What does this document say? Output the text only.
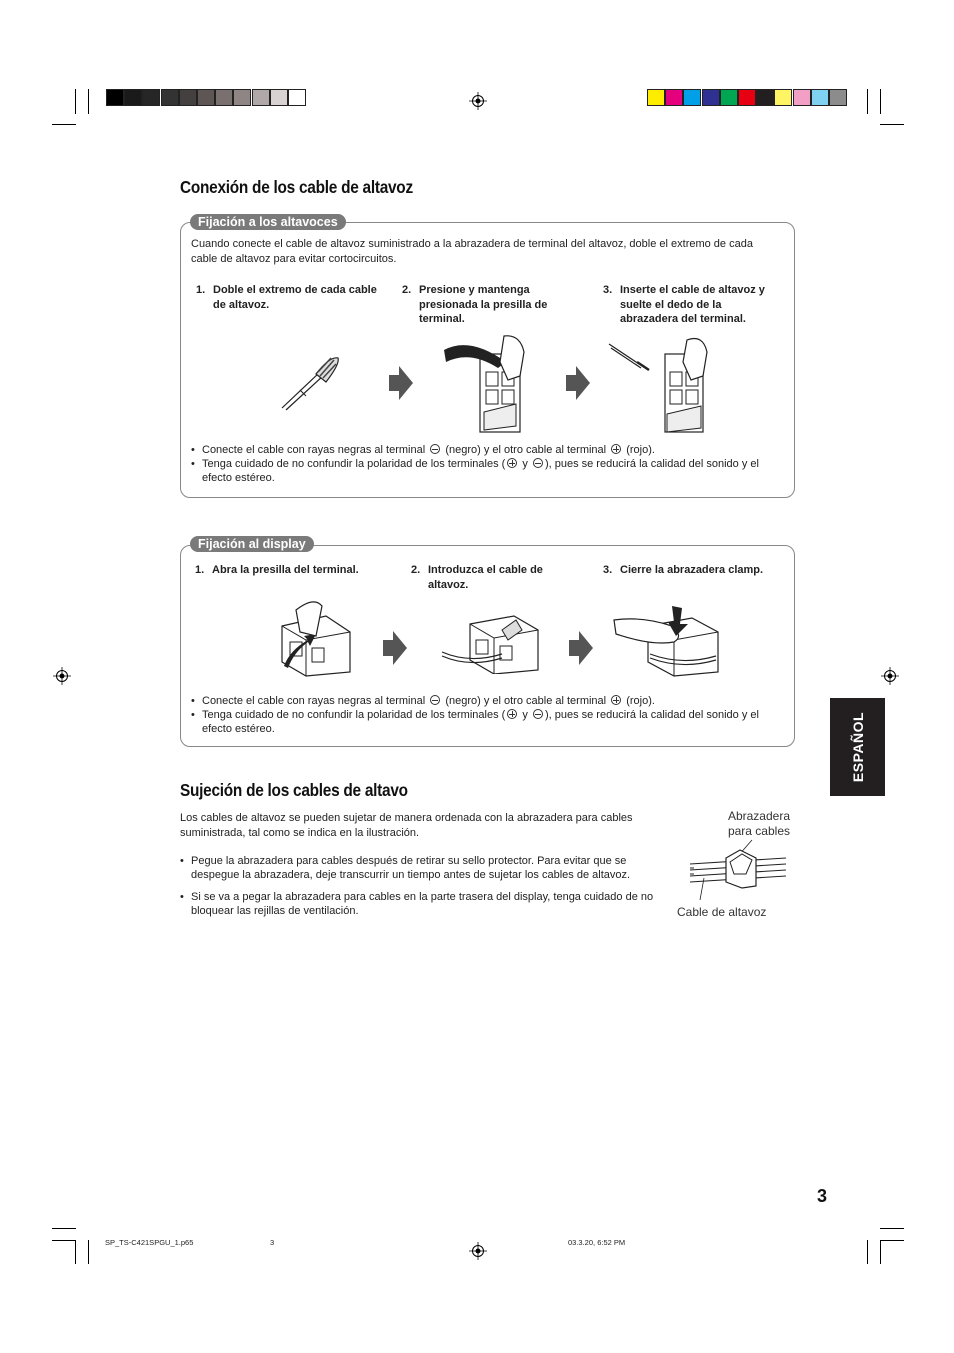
Conexión de los cable de altavoz
Fijación a los altavoces
Cuando conecte el cable de altavoz suministrado a la abrazadera de terminal del altavoz, doble el extremo de cada cable de altavoz para evitar cortocircuitos.
1. Doble el extremo de cada cable de altavoz.
2. Presione y mantenga presionada la presilla de terminal.
3. Inserte el cable de altavoz y suelte el dedo de la abrazadera del terminal.
• Conecte el cable con rayas negras al terminal (negro) y el otro cable al terminal (rojo).
• Tenga cuidado de no confundir la polaridad de los terminales ( y ), pues se reducirá la calidad del sonido y el efecto estéreo.
Fijación al display
1. Abra la presilla del terminal.	2. Introduzca el cable de altavoz.
3. Cierre la abrazadera clamp.
• Conecte el cable con rayas negras al terminal (negro) y el otro cable al terminal (rojo).
• Tenga cuidado de no confundir la polaridad de los terminales ( y ), pues se reducirá la calidad del sonido y el efecto estéreo.
Sujeción de los cables de altavo
Los cables de altavoz se pueden sujetar de manera ordenada con la abrazadera para cables suministrada, tal como se indica en la ilustración.
• Pegue la abrazadera para cables después de retirar su sello protector. Para evitar que se despegue la abrazadera, deje transcurrir un tiempo antes de sujetar los cables de altavoz.
• Si se va a pegar la abrazadera para cables en la parte trasera del display, tenga cuidado de no bloquear las rejillas de ventilación.
Abrazadera
para cables
Cable de altavoz
ESPAÑOL
3
SP_TS-C421SPGU_1.p65	3	03.3.20, 6:52 PM
